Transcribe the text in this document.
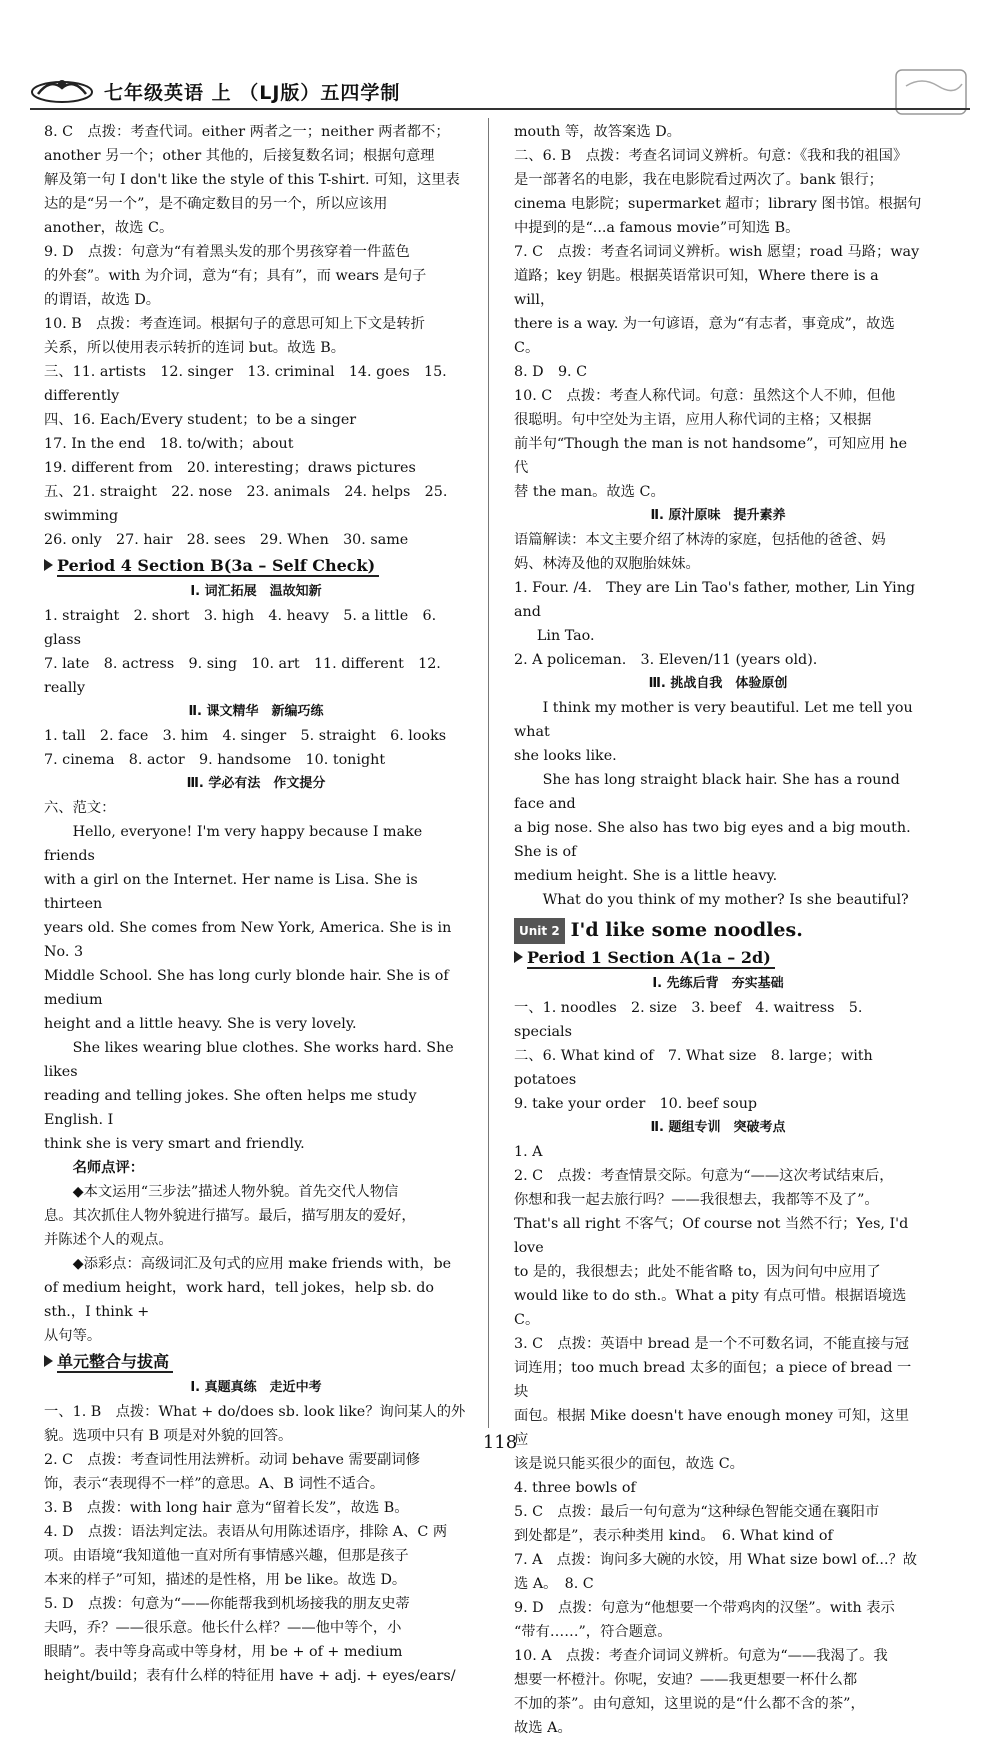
七年级英语 上 （LJ版）五四学制
8. C　点拨：考查代词。either 两者之一；neither 两者都不；
another 另一个；other 其他的，后接复数名词；根据句意理
解及第一句 I don't like the style of this T-shirt. 可知，这里表
达的是“另一个”，是不确定数目的另一个，所以应该用
another，故选 C。
9. D　点拨：句意为“有着黑头发的那个男孩穿着一件蓝色
的外套”。with 为介词，意为“有；具有”，而 wears 是句子
的谓语，故选 D。
10. B　点拨：考查连词。根据句子的意思可知上下文是转折
关系，所以使用表示转折的连词 but。故选 B。
三、11. artists　12. singer　13. criminal　14. goes　15. differently
四、16. Each/Every student；to be a singer
17. In the end　18. to/with；about
19. different from　20. interesting；draws pictures
五、21. straight　22. nose　23. animals　24. helps　25. swimming
26. only　27. hair　28. sees　29. When　30. same
Period 4 Section B(3a – Self Check)
Ⅰ. 词汇拓展　温故知新
1. straight　2. short　3. high　4. heavy　5. a little　6. glass
7. late　8. actress　9. sing　10. art　11. different　12. really
Ⅱ. 课文精华　新编巧练
1. tall　2. face　3. him　4. singer　5. straight　6. looks
7. cinema　8. actor　9. handsome　10. tonight
Ⅲ. 学必有法　作文提分
六、范文：
Hello, everyone! I'm very happy because I make friends
with a girl on the Internet. Her name is Lisa. She is thirteen
years old. She comes from New York, America. She is in No. 3
Middle School. She has long curly blonde hair. She is of medium
height and a little heavy. She is very lovely.
She likes wearing blue clothes. She works hard. She likes
reading and telling jokes. She often helps me study English. I
think she is very smart and friendly.
名师点评：
◆本文运用“三步法”描述人物外貌。首先交代人物信
息。其次抓住人物外貌进行描写。最后，描写朋友的爱好，
并陈述个人的观点。
◆添彩点：高级词汇及句式的应用 make friends with，be
of medium height，work hard，tell jokes，help sb. do sth.，I think +
从句等。
单元整合与拔高
Ⅰ. 真题真练　走近中考
一、1. B　点拨：What + do/does sb. look like？询问某人的外
貌。选项中只有 B 项是对外貌的回答。
2. C　点拨：考查词性用法辨析。动词 behave 需要副词修
饰，表示“表现得不一样”的意思。A、B 词性不适合。
3. B　点拨：with long hair 意为“留着长发”，故选 B。
4. D　点拨：语法判定法。表语从句用陈述语序，排除 A、C 两
项。由语境“我知道他一直对所有事情感兴趣，但那是孩子
本来的样子”可知，描述的是性格，用 be like。故选 D。
5. D　点拨：句意为“——你能帮我到机场接我的朋友史蒂
夫吗，乔？——很乐意。他长什么样？——他中等个，小
眼睛”。表中等身高或中等身材，用 be + of + medium
height/build；表有什么样的特征用 have + adj. + eyes/ears/
mouth 等，故答案选 D。
二、6. B　点拨：考查名词词义辨析。句意：《我和我的祖国》
是一部著名的电影，我在电影院看过两次了。bank 银行；
cinema 电影院；supermarket 超市；library 图书馆。根据句
中提到的是“...a famous movie”可知选 B。
7. C　点拨：考查名词词义辨析。wish 愿望；road 马路；way
道路；key 钥匙。根据英语常识可知，Where there is a will，
there is a way. 为一句谚语，意为“有志者，事竟成”，故选 C。
8. D　9. C
10. C　点拨：考查人称代词。句意：虽然这个人不帅，但他
很聪明。句中空处为主语，应用人称代词的主格；又根据
前半句“Though the man is not handsome”，可知应用 he 代
替 the man。故选 C。
Ⅱ. 原汁原味　提升素养
语篇解读：本文主要介绍了林涛的家庭，包括他的爸爸、妈
妈、林涛及他的双胞胎妹妹。
1. Four. /4.　They are Lin Tao's father, mother, Lin Ying and
Lin Tao.
2. A policeman.　3. Eleven/11 (years old).
Ⅲ. 挑战自我　体验原创
I think my mother is very beautiful. Let me tell you what
she looks like.
She has long straight black hair. She has a round face and
a big nose. She also has two big eyes and a big mouth. She is of
medium height. She is a little heavy.
What do you think of my mother? Is she beautiful?
Unit 2 I'd like some noodles.
Period 1 Section A(1a – 2d)
Ⅰ. 先练后背　夯实基础
一、1. noodles　2. size　3. beef　4. waitress　5. specials
二、6. What kind of　7. What size　8. large；with potatoes
9. take your order　10. beef soup
Ⅱ. 题组专训　突破考点
1. A
2. C　点拨：考查情景交际。句意为“——这次考试结束后，
你想和我一起去旅行吗？——我很想去，我都等不及了”。
That's all right 不客气；Of course not 当然不行；Yes, I'd love
to 是的，我很想去；此处不能省略 to，因为问句中应用了
would like to do sth.。What a pity 有点可惜。根据语境选 C。
3. C　点拨：英语中 bread 是一个不可数名词，不能直接与冠
词连用；too much bread 太多的面包；a piece of bread 一块
面包。根据 Mike doesn't have enough money 可知，这里应
该是说只能买很少的面包，故选 C。
4. three bowls of
5. C　点拨：最后一句句意为“这种绿色智能交通在襄阳市
到处都是”，表示种类用 kind。　6. What kind of
7. A　点拨：询问多大碗的水饺，用 What size bowl of...？故
选 A。　8. C
9. D　点拨：句意为“他想要一个带鸡肉的汉堡”。with 表示
“带有……”，符合题意。
10. A　点拨：考查介词词义辨析。句意为“——我渴了。我
想要一杯橙汁。你呢，安迪？——我更想要一杯什么都
不加的茶”。由句意知，这里说的是“什么都不含的茶”，
故选 A。
118
